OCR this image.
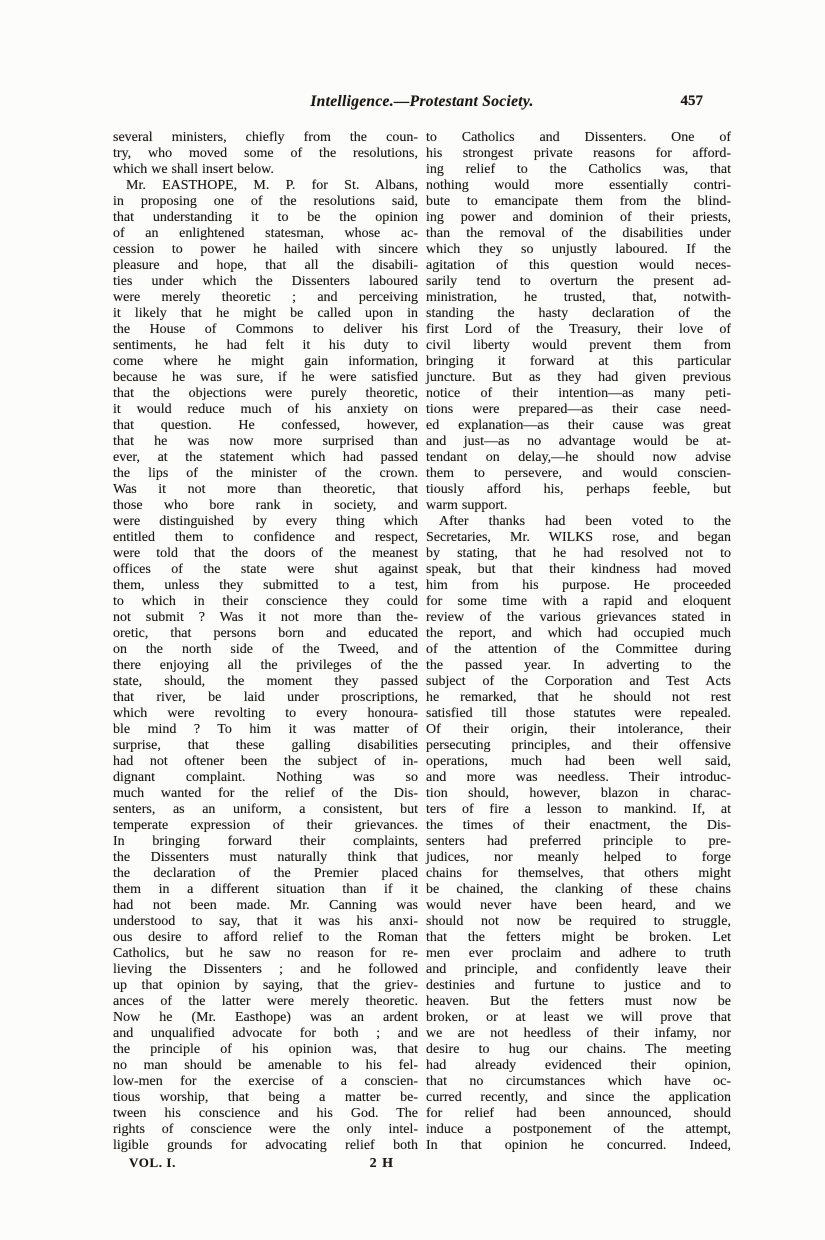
Intelligence.—Protestant Society.	457
several ministers, chiefly from the coun-
try, who moved some of the resolutions,
which we shall insert below.
Mr. EASTHOPE, M. P. for St. Albans,
in proposing one of the resolutions said,
that understanding it to be the opinion
of an enlightened statesman, whose ac-
cession to power he hailed with sincere
pleasure and hope, that all the disabili-
ties under which the Dissenters laboured
were merely theoretic ; and perceiving
it likely that he might be called upon in
the House of Commons to deliver his
sentiments, he had felt it his duty to
come where he might gain information,
because he was sure, if he were satisfied
that the objections were purely theoretic,
it would reduce much of his anxiety on
that question. He confessed, however,
that he was now more surprised than
ever, at the statement which had passed
the lips of the minister of the crown.
Was it not more than theoretic, that
those who bore rank in society, and
were distinguished by every thing which
entitled them to confidence and respect,
were told that the doors of the meanest
offices of the state were shut against
them, unless they submitted to a test,
to which in their conscience they could
not submit ? Was it not more than the-
oretic, that persons born and educated
on the north side of the Tweed, and
there enjoying all the privileges of the
state, should, the moment they passed
that river, be laid under proscriptions,
which were revolting to every honoura-
ble mind ? To him it was matter of
surprise, that these galling disabilities
had not oftener been the subject of in-
dignant complaint. Nothing was so
much wanted for the relief of the Dis-
senters, as an uniform, a consistent, but
temperate expression of their grievances.
In bringing forward their complaints,
the Dissenters must naturally think that
the declaration of the Premier placed
them in a different situation than if it
had not been made. Mr. Canning was
understood to say, that it was his anxi-
ous desire to afford relief to the Roman
Catholics, but he saw no reason for re-
lieving the Dissenters ; and he followed
up that opinion by saying, that the griev-
ances of the latter were merely theoretic.
Now he (Mr. Easthope) was an ardent
and unqualified advocate for both ; and
the principle of his opinion was, that
no man should be amenable to his fel-
low-men for the exercise of a conscien-
tious worship, that being a matter be-
tween his conscience and his God. The
rights of conscience were the only intel-
ligible grounds for advocating relief both
VOL. I.	2 H
to Catholics and Dissenters. One of
his strongest private reasons for afford-
ing relief to the Catholics was, that
nothing would more essentially contri-
bute to emancipate them from the blind-
ing power and dominion of their priests,
than the removal of the disabilities under
which they so unjustly laboured. If the
agitation of this question would neces-
sarily tend to overturn the present ad-
ministration, he trusted, that, notwith-
standing the hasty declaration of the
first Lord of the Treasury, their love of
civil liberty would prevent them from
bringing it forward at this particular
juncture. But as they had given previous
notice of their intention—as many peti-
tions were prepared—as their case need-
ed explanation—as their cause was great
and just—as no advantage would be at-
tendant on delay,—he should now advise
them to persevere, and would conscien-
tiously afford his, perhaps feeble, but
warm support.
After thanks had been voted to the
Secretaries, Mr. WILKS rose, and began
by stating, that he had resolved not to
speak, but that their kindness had moved
him from his purpose. He proceeded
for some time with a rapid and eloquent
review of the various grievances stated in
the report, and which had occupied much
of the attention of the Committee during
the passed year. In adverting to the
subject of the Corporation and Test Acts
he remarked, that he should not rest
satisfied till those statutes were repealed.
Of their origin, their intolerance, their
persecuting principles, and their offensive
operations, much had been well said,
and more was needless. Their introduc-
tion should, however, blazon in charac-
ters of fire a lesson to mankind. If, at
the times of their enactment, the Dis-
senters had preferred principle to pre-
judices, nor meanly helped to forge
chains for themselves, that others might
be chained, the clanking of these chains
would never have been heard, and we
should not now be required to struggle,
that the fetters might be broken. Let
men ever proclaim and adhere to truth
and principle, and confidently leave their
destinies and furtune to justice and to
heaven. But the fetters must now be
broken, or at least we will prove that
we are not heedless of their infamy, nor
desire to hug our chains. The meeting
had already evidenced their opinion,
that no circumstances which have oc-
curred recently, and since the application
for relief had been announced, should
induce a postponement of the attempt,
In that opinion he concurred. Indeed,
